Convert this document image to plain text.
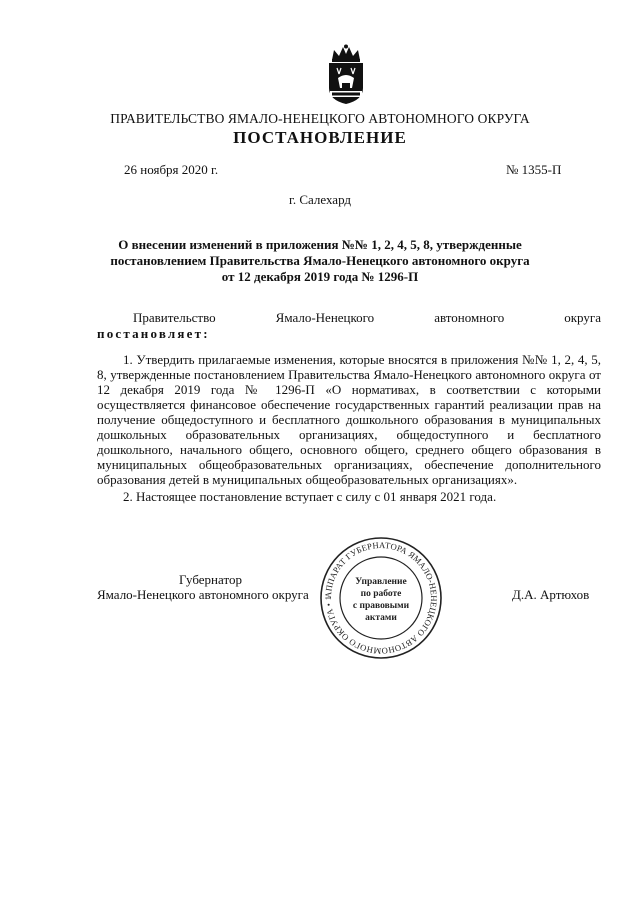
ПРАВИТЕЛЬСТВО ЯМАЛО-НЕНЕЦКОГО АВТОНОМНОГО ОКРУГА
ПОСТАНОВЛЕНИЕ
26 ноября 2020 г.	№ 1355-П
г. Салехард
О внесении изменений в приложения №№ 1, 2, 4, 5, 8, утвержденные
постановлением Правительства Ямало-Ненецкого автономного округа
от 12 декабря 2019 года № 1296-П
Правительство	Ямало-Ненецкого	автономного	округа
постановляет:

1. Утвердить прилагаемые изменения, которые вносятся в приложения №№ 1, 2, 4, 5, 8, утвержденные постановлением Правительства Ямало-Ненецкого автономного округа от 12 декабря 2019 года № 1296-П «О нормативах, в соответствии с которыми осуществляется финансовое обеспечение государственных гарантий реализации прав на получение общедоступного и бесплатного дошкольного образования в муниципальных дошкольных образовательных организациях, общедоступного и бесплатного дошкольного, начального общего, основного общего, среднего общего образования в муниципальных общеобразовательных организациях, обеспечение дополнительного образования детей в муниципальных общеобразовательных организациях».

2. Настоящее постановление вступает с силу с 01 января 2021 года.

Губернатор
Ямало-Ненецкого автономного округа	Д.А. Артюхов
АППАРАТ ГУБЕРНАТОРА ЯМАЛО-НЕНЕЦКОГО АВТОНОМНОГО ОКРУГА • 1
Управление
по работе
с правовыми
актами
